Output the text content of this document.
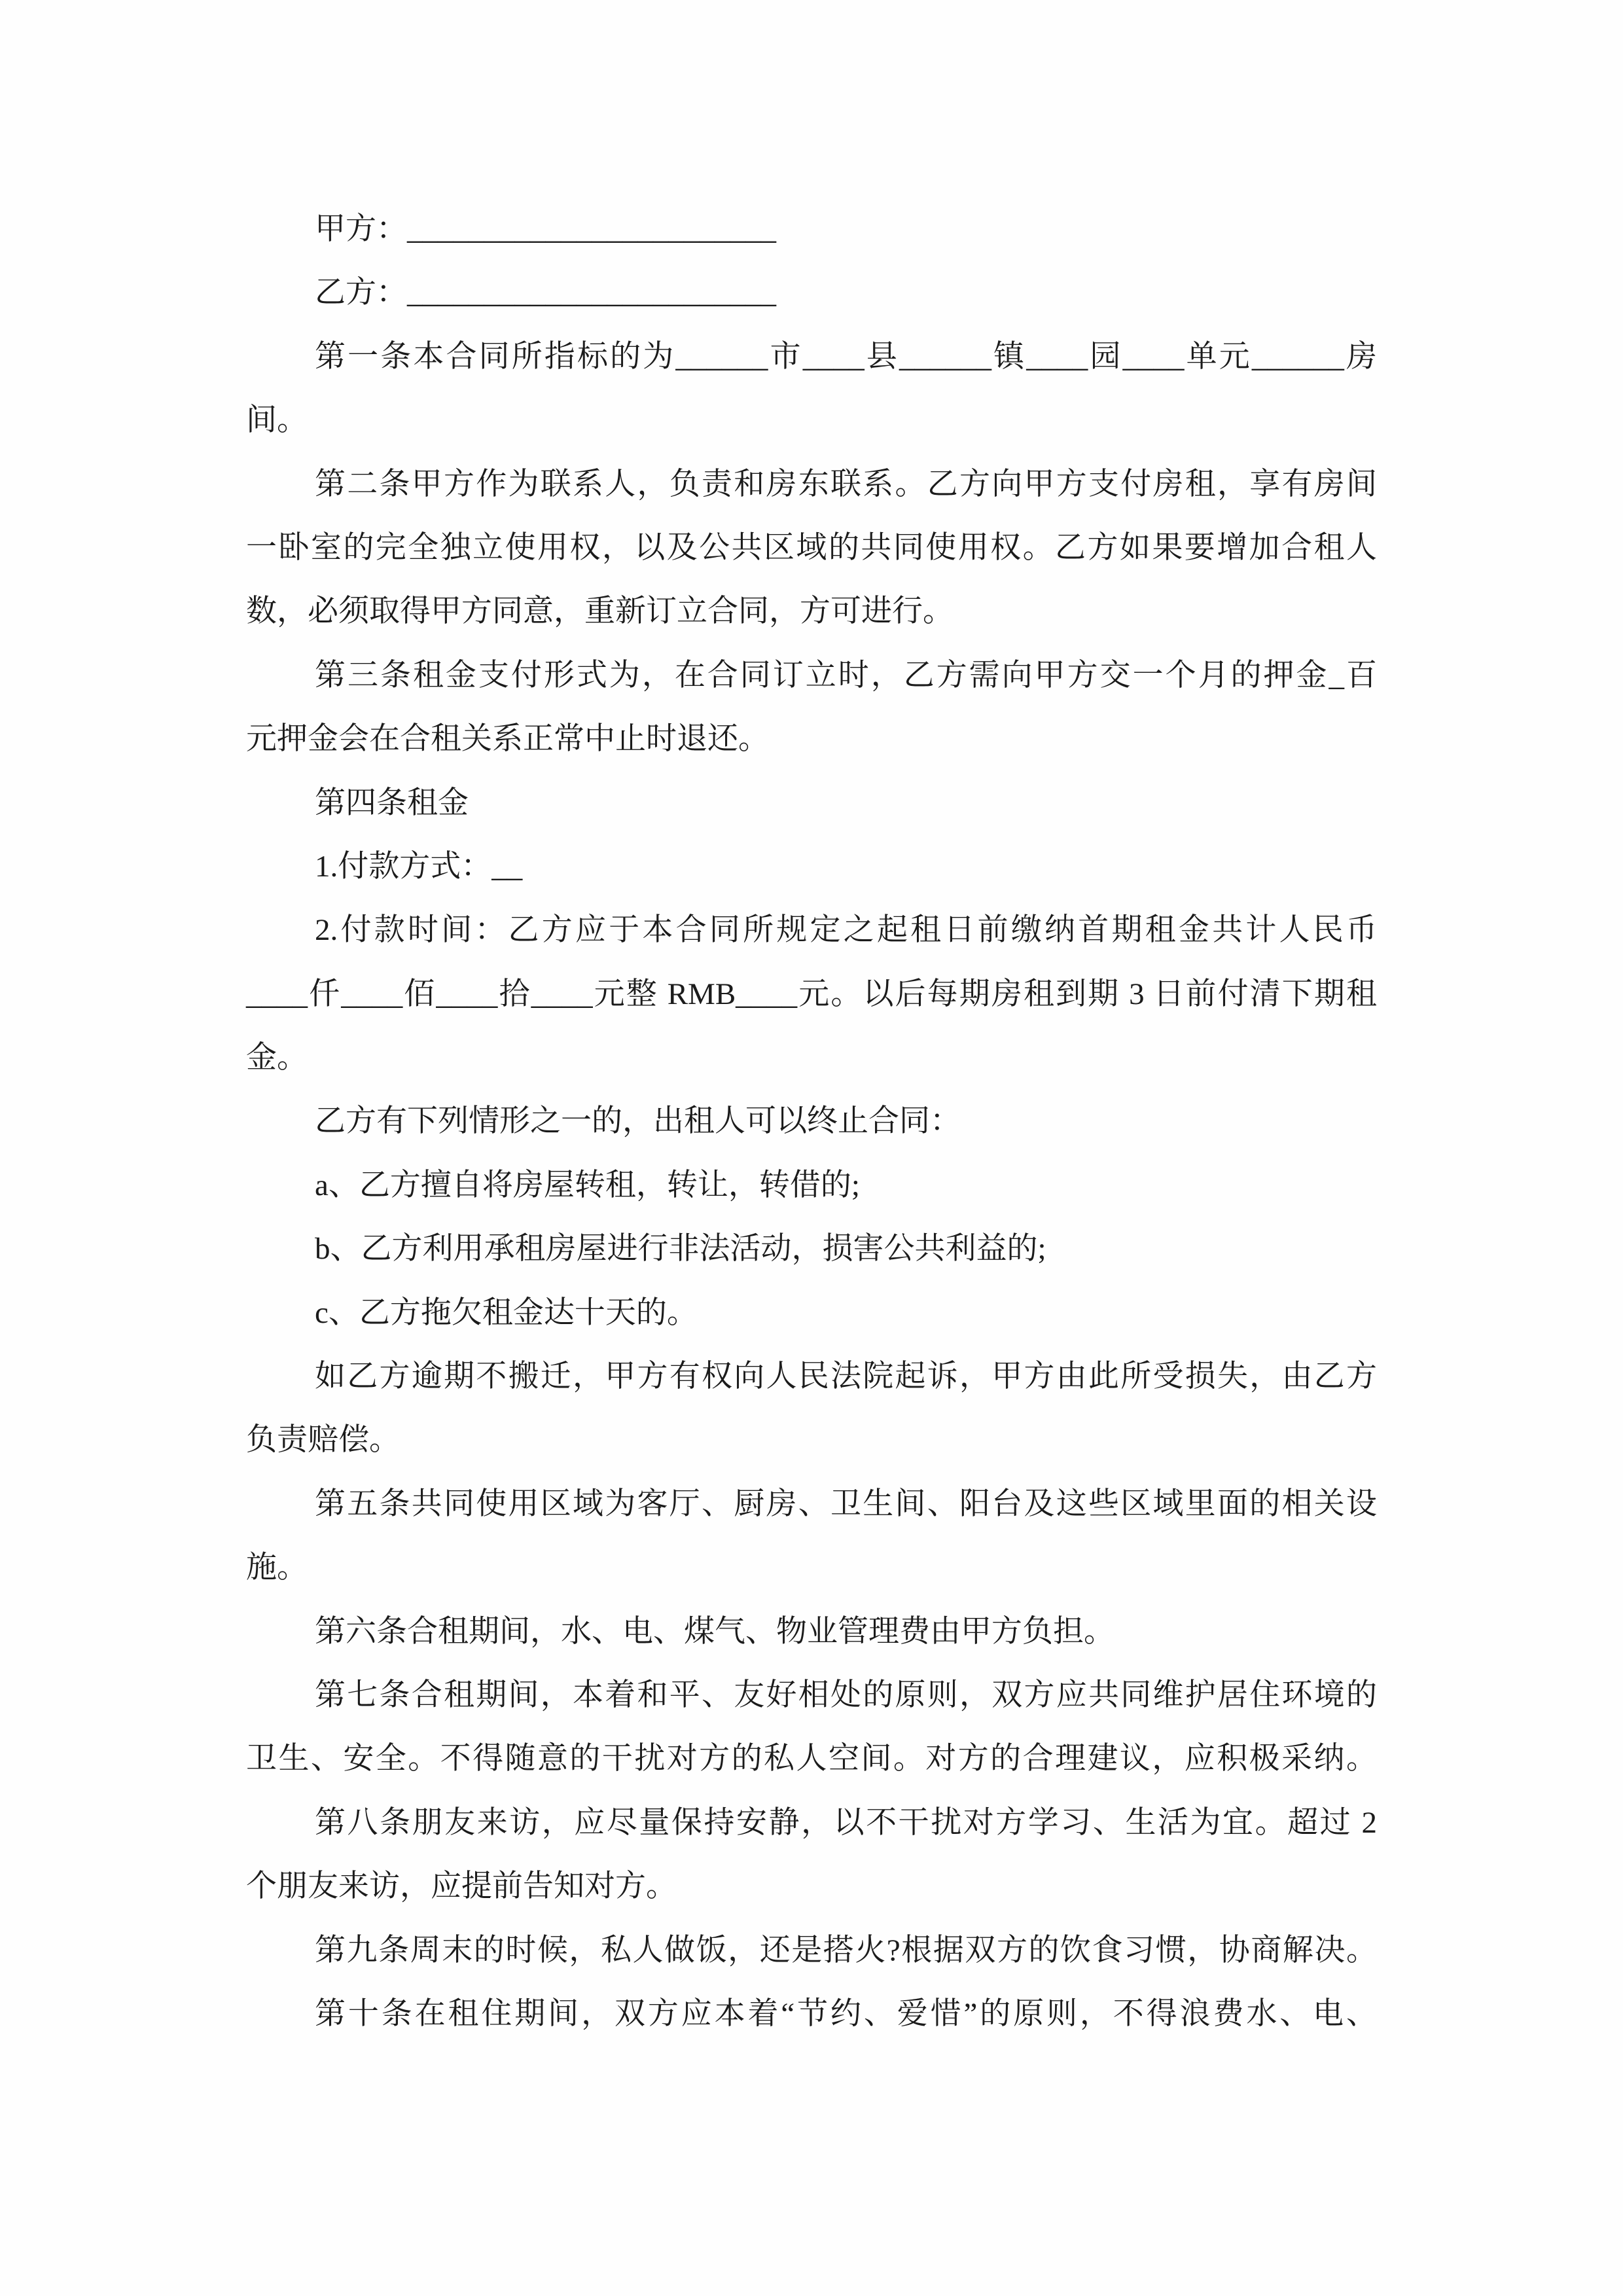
甲方：________________________
乙方：________________________
第一条本合同所指标的为______市____县______镇____园____单元______房
间。
第二条甲方作为联系人，负责和房东联系。乙方向甲方支付房租，享有房间
一卧室的完全独立使用权，以及公共区域的共同使用权。乙方如果要增加合租人
数，必须取得甲方同意，重新订立合同，方可进行。
第三条租金支付形式为，在合同订立时，乙方需向甲方交一个月的押金_百
元押金会在合租关系正常中止时退还。
第四条租金
1.付款方式：__
2.付款时间：乙方应于本合同所规定之起租日前缴纳首期租金共计人民币
____仟____佰____拾____元整 RMB____元。以后每期房租到期 3 日前付清下期租
金。
乙方有下列情形之一的，出租人可以终止合同：
a、乙方擅自将房屋转租，转让，转借的;
b、乙方利用承租房屋进行非法活动，损害公共利益的;
c、乙方拖欠租金达十天的。
如乙方逾期不搬迁，甲方有权向人民法院起诉，甲方由此所受损失，由乙方
负责赔偿。
第五条共同使用区域为客厅、厨房、卫生间、阳台及这些区域里面的相关设
施。
第六条合租期间，水、电、煤气、物业管理费由甲方负担。
第七条合租期间，本着和平、友好相处的原则，双方应共同维护居住环境的
卫生、安全。不得随意的干扰对方的私人空间。对方的合理建议，应积极采纳。
第八条朋友来访，应尽量保持安静，以不干扰对方学习、生活为宜。超过 2
个朋友来访，应提前告知对方。
第九条周末的时候，私人做饭，还是搭火?根据双方的饮食习惯，协商解决。
第十条在租住期间，双方应本着“节约、爱惜”的原则，不得浪费水、电、
